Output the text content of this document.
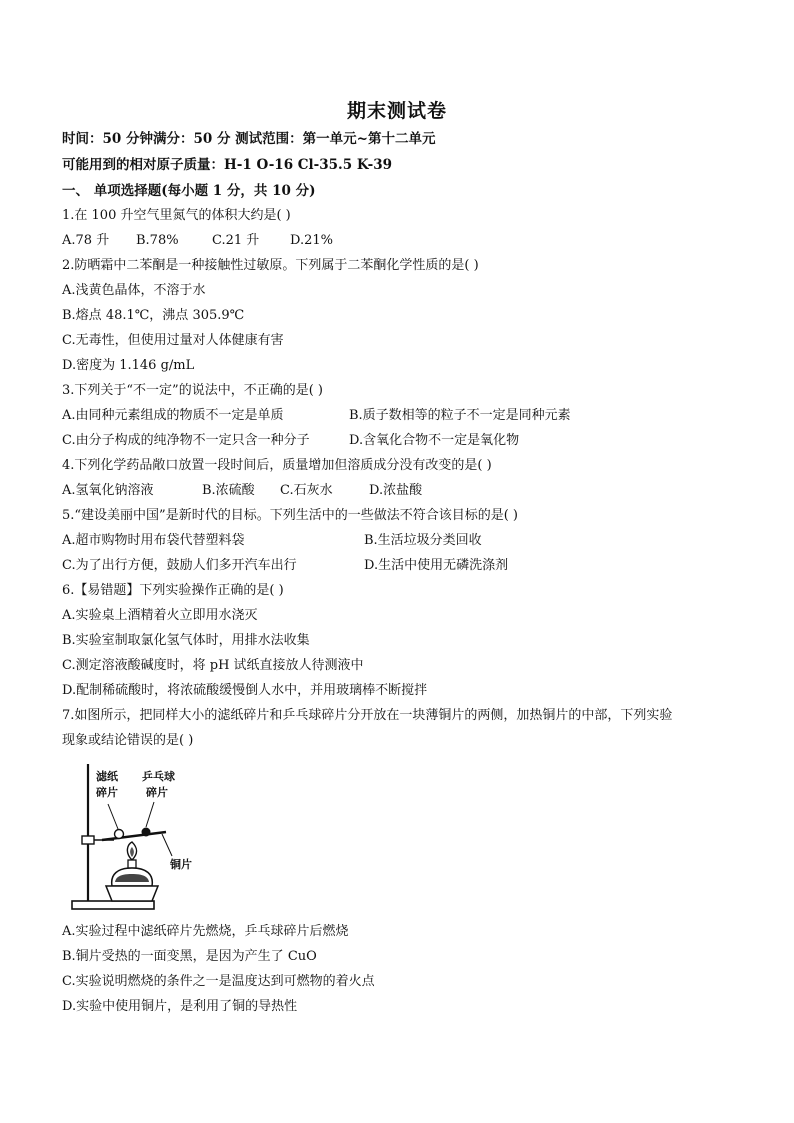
期末测试卷
时间：50 分钟满分：50 分 测试范围：第一单元~第十二单元
可能用到的相对原子质量：H-1 O-16 Cl-35.5 K-39
一、 单项选择题(每小题 1 分，共 10 分)
1.在 100 升空气里氮气的体积大约是( )
A.78 升 B.78%	C.21 升 D.21%
2.防晒霜中二苯酮是一种接触性过敏原。下列属于二苯酮化学性质的是( )
A.浅黄色晶体，不溶于水
B.熔点 48.1℃，沸点 305.9℃
C.无毒性，但使用过量对人体健康有害
D.密度为 1.146 g/mL
3.下列关于“不一定”的说法中，不正确的是( )
A.由同种元素组成的物质不一定是单质	B.质子数相等的粒子不一定是同种元素
C.由分子构成的纯净物不一定只含一种分子	D.含氧化合物不一定是氧化物
4.下列化学药品敞口放置一段时间后，质量增加但溶质成分没有改变的是( )
A.氢氧化钠溶液	B.浓硫酸 C.石灰水	D.浓盐酸
5.“建设美丽中国”是新时代的目标。下列生活中的一些做法不符合该目标的是( )
A.超市购物时用布袋代替塑料袋	B.生活垃圾分类回收
C.为了出行方便，鼓励人们多开汽车出行	D.生活中使用无磷洗涤剂
6.【易错题】下列实验操作正确的是( )
A.实验桌上酒精着火立即用水浇灭
B.实验室制取氯化氢气体时，用排水法收集
C.测定溶液酸碱度时，将 pH 试纸直接放人待测液中
D.配制稀硫酸时，将浓硫酸缓慢倒人水中，并用玻璃棒不断搅拌
7.如图所示，把同样大小的滤纸碎片和乒乓球碎片分开放在一块薄铜片的两侧，加热铜片的中部，下列实验
现象或结论错误的是( )
滤纸
碎片
乒乓球
碎片
铜片
A.实验过程中滤纸碎片先燃烧，乒乓球碎片后燃烧
B.铜片受热的一面变黑，是因为产生了 CuO
C.实验说明燃烧的条件之一是温度达到可燃物的着火点
D.实验中使用铜片，是利用了铜的导热性
